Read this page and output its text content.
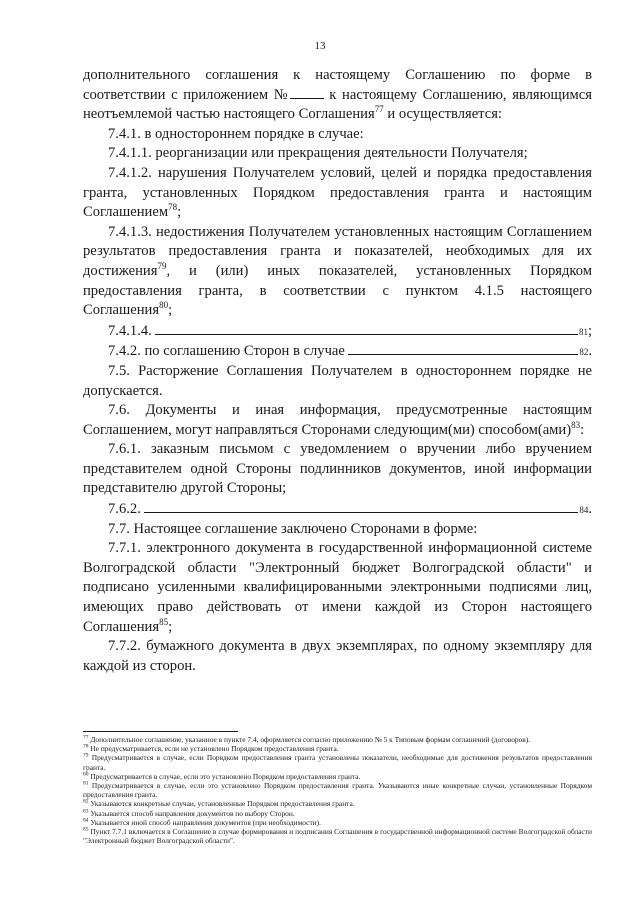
13

дополнительного соглашения к настоящему Соглашению по форме в соответствии с приложением № к настоящему Соглашению, являющимся неотъемлемой частью настоящего Соглашения$^{77}$ и осуществляется:

7.4.1. в одностороннем порядке в случае:

7.4.1.1. реорганизации или прекращения деятельности Получателя;

7.4.1.2. нарушения Получателем условий, целей и порядка предоставления гранта, установленных Порядком предоставления гранта и настоящим Соглашением$^{78}$;

7.4.1.3. недостижения Получателем установленных настоящим Соглашением результатов предоставления гранта и показателей, необходимых для их достижения$^{79}$, и (или) иных показателей, установленных Порядком предоставления гранта, в соответствии с пунктом 4.1.5 настоящего Соглашения$^{80}$;

7.4.1.4.	81 ;
7.4.2. по соглашению Сторон в случае	82 .

7.5. Расторжение Соглашения Получателем в одностороннем порядке не допускается.

7.6. Документы и иная информация, предусмотренные настоящим Соглашением, могут направляться Сторонами следующим(ми) способом(ами)$^{83}$:

7.6.1. заказным письмом с уведомлением о вручении либо вручением представителем одной Стороны подлинников документов, иной информации представителю другой Стороны;

7.6.2.	84 .

7.7. Настоящее соглашение заключено Сторонами в форме:

7.7.1. электронного документа в государственной информационной системе Волгоградской области "Электронный бюджет Волгоградской области" и подписано усиленными квалифицированными электронными подписями лиц, имеющих право действовать от имени каждой из Сторон настоящего Соглашения$^{85}$;

7.7.2. бумажного документа в двух экземплярах, по одному экземпляру для каждой из сторон.

$^{77}$ Дополнительное соглашение, указанное в пункте 7.4, оформляется согласно приложению № 5 к Типовым формам соглашений (договоров).

$^{78}$ Не предусматривается, если не установлено Порядком предоставления гранта.

$^{79}$ Предусматривается в случае, если Порядком предоставления гранта установлены показатели, необходимые для достижения результатов предоставления гранта.

$^{80}$ Предусматривается в случае, если это установлено Порядком предоставления гранта.

$^{81}$ Предусматривается в случае, если это установлено Порядком предоставления гранта. Указываются иные конкретные случаи, установленные Порядком предоставления гранта.

$^{82}$ Указываются конкретные случаи, установленные Порядком предоставления гранта.

$^{83}$ Указывается способ направления документов по выбору Сторон.

$^{84}$ Указывается иной способ направления документов (при необходимости).

$^{85}$ Пункт 7.7.1 включается в Соглашение в случае формирования и подписания Соглашения в государственной информационной системе Волгоградской области "Электронный бюджет Волгоградской области".
